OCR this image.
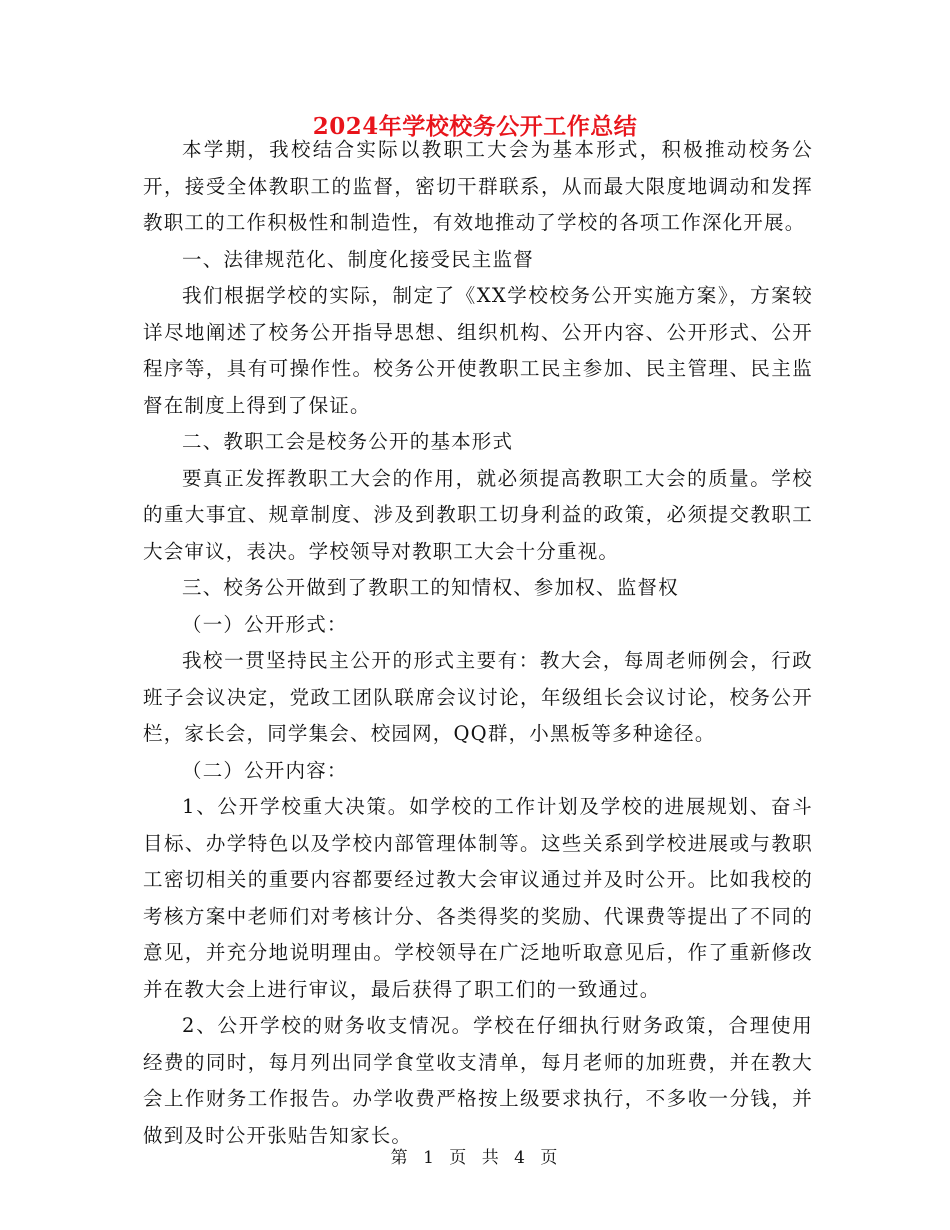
2024年学校校务公开工作总结

本学期，我校结合实际以教职工大会为基本形式，积极推动校务公开，接受全体教职工的监督，密切干群联系，从而最大限度地调动和发挥教职工的工作积极性和制造性，有效地推动了学校的各项工作深化开展。

一、法律规范化、制度化接受民主监督

我们根据学校的实际，制定了《XX学校校务公开实施方案》，方案较详尽地阐述了校务公开指导思想、组织机构、公开内容、公开形式、公开程序等，具有可操作性。校务公开使教职工民主参加、民主管理、民主监督在制度上得到了保证。

二、教职工会是校务公开的基本形式

要真正发挥教职工大会的作用，就必须提高教职工大会的质量。学校的重大事宜、规章制度、涉及到教职工切身利益的政策，必须提交教职工大会审议，表决。学校领导对教职工大会十分重视。

三、校务公开做到了教职工的知情权、参加权、监督权

（一）公开形式：

我校一贯坚持民主公开的形式主要有：教大会，每周老师例会，行政班子会议决定，党政工团队联席会议讨论，年级组长会议讨论，校务公开栏，家长会，同学集会、校园网，QQ群，小黑板等多种途径。

（二）公开内容：

1、公开学校重大决策。如学校的工作计划及学校的进展规划、奋斗目标、办学特色以及学校内部管理体制等。这些关系到学校进展或与教职工密切相关的重要内容都要经过教大会审议通过并及时公开。比如我校的考核方案中老师们对考核计分、各类得奖的奖励、代课费等提出了不同的意见，并充分地说明理由。学校领导在广泛地听取意见后，作了重新修改并在教大会上进行审议，最后获得了职工们的一致通过。

2、公开学校的财务收支情况。学校在仔细执行财务政策，合理使用经费的同时，每月列出同学食堂收支清单，每月老师的加班费，并在教大会上作财务工作报告。办学收费严格按上级要求执行，不多收一分钱，并做到及时公开张贴告知家长。

第 1 页 共 4 页
